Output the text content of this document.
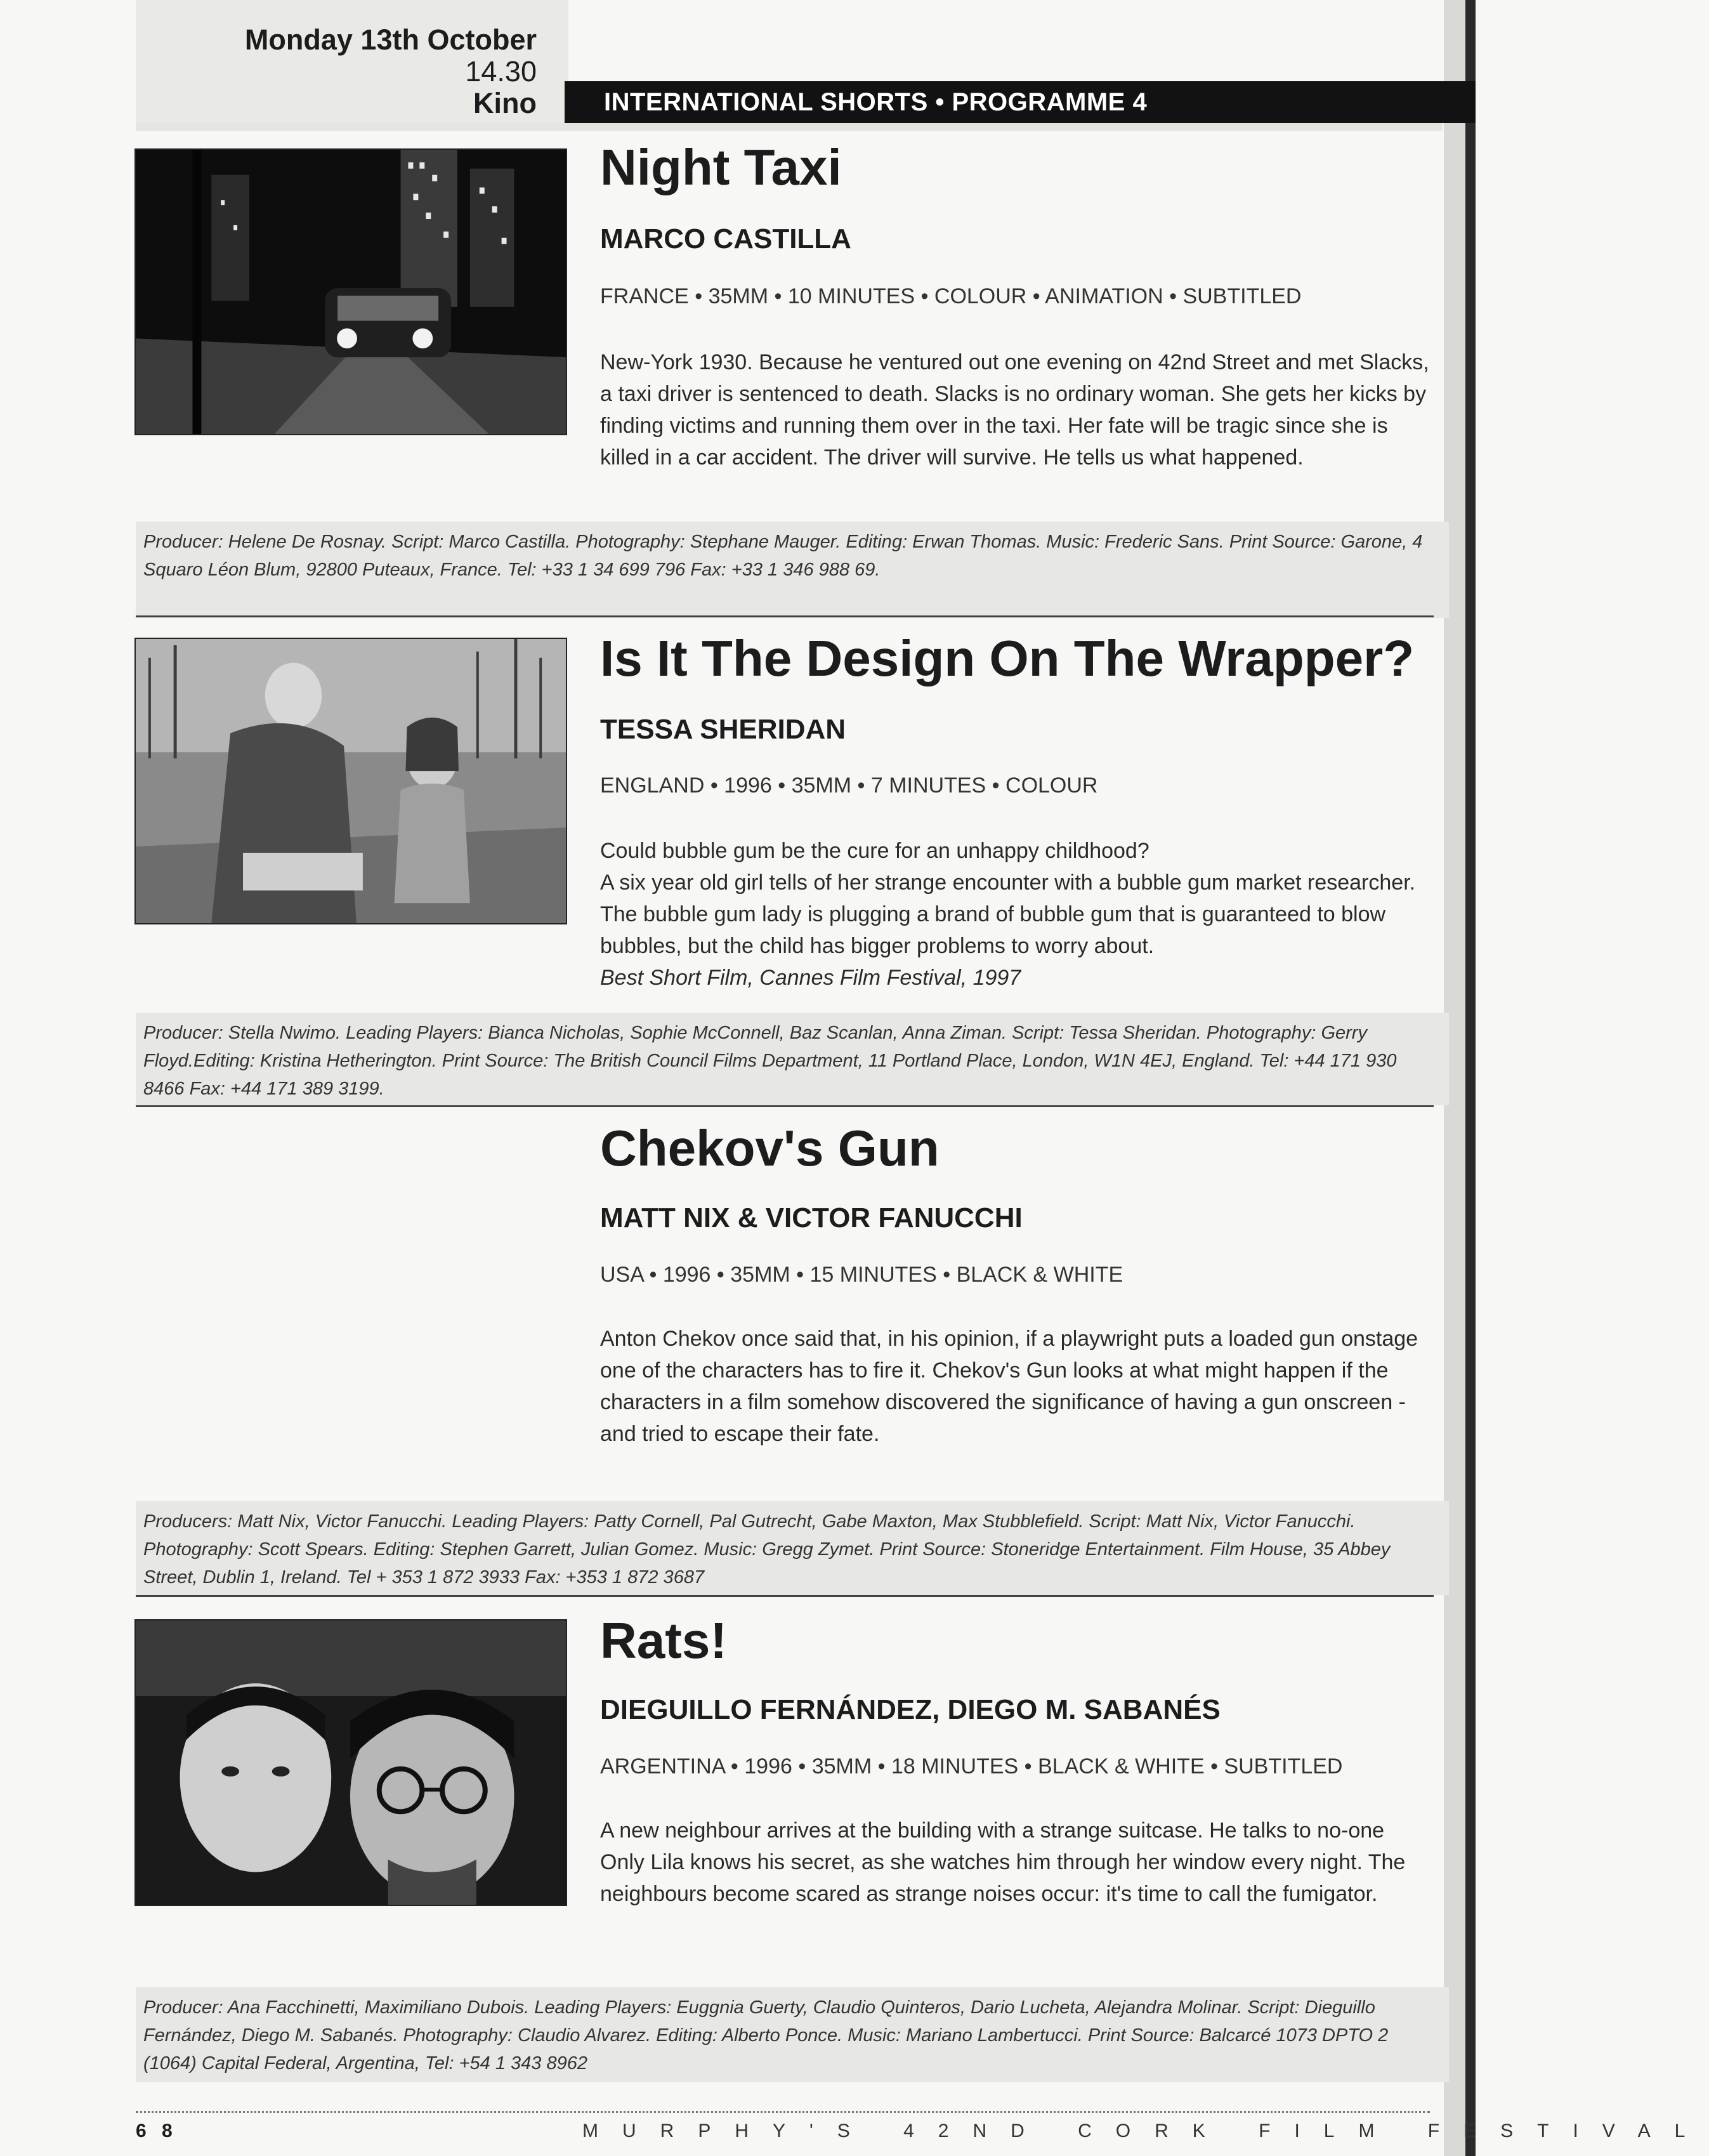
Monday 13th October
14.30
Kino	INTERNATIONAL SHORTS • PROGRAMME 4
Night Taxi
MARCO CASTILLA
FRANCE • 35MM • 10 MINUTES • COLOUR • ANIMATION • SUBTITLED

New-York 1930. Because he ventured out one evening on 42nd Street and met Slacks,

a taxi driver is sentenced to death. Slacks is no ordinary woman. She gets her kicks by

finding victims and running them over in the taxi. Her fate will be tragic since she is

killed in a car accident. The driver will survive. He tells us what happened.

Producer: Helene De Rosnay. Script: Marco Castilla. Photography: Stephane Mauger. Editing: Erwan Thomas. Music: Frederic Sans. Print Source: Garone, 4

Squaro Léon Blum, 92800 Puteaux, France. Tel: +33 1 34 699 796 Fax: +33 1 346 988 69.

Is It The Design On The Wrapper?
TESSA SHERIDAN
ENGLAND • 1996 • 35MM • 7 MINUTES • COLOUR

Could bubble gum be the cure for an unhappy childhood?

A six year old girl tells of her strange encounter with a bubble gum market researcher.

The bubble gum lady is plugging a brand of bubble gum that is guaranteed to blow

bubbles, but the child has bigger problems to worry about.

Best Short Film, Cannes Film Festival, 1997

Producer: Stella Nwimo. Leading Players: Bianca Nicholas, Sophie McConnell, Baz Scanlan, Anna Ziman. Script: Tessa Sheridan. Photography: Gerry

Floyd.Editing: Kristina Hetherington. Print Source: The British Council Films Department, 11 Portland Place, London, W1N 4EJ, England. Tel: +44 171 930

8466 Fax: +44 171 389 3199.

Chekov's Gun
MATT NIX & VICTOR FANUCCHI
USA • 1996 • 35MM • 15 MINUTES • BLACK & WHITE

Anton Chekov once said that, in his opinion, if a playwright puts a loaded gun onstage

one of the characters has to fire it. Chekov's Gun looks at what might happen if the

characters in a film somehow discovered the significance of having a gun onscreen -

and tried to escape their fate.

Producers: Matt Nix, Victor Fanucchi. Leading Players: Patty Cornell, Pal Gutrecht, Gabe Maxton, Max Stubblefield. Script: Matt Nix, Victor Fanucchi.

Photography: Scott Spears. Editing: Stephen Garrett, Julian Gomez. Music: Gregg Zymet. Print Source: Stoneridge Entertainment. Film House, 35 Abbey

Street, Dublin 1, Ireland. Tel + 353 1 872 3933 Fax: +353 1 872 3687

Rats!
DIEGUILLO FERNÁNDEZ, DIEGO M. SABANÉS
ARGENTINA • 1996 • 35MM • 18 MINUTES • BLACK & WHITE • SUBTITLED

A new neighbour arrives at the building with a strange suitcase. He talks to no-one

Only Lila knows his secret, as she watches him through her window every night. The

neighbours become scared as strange noises occur: it's time to call the fumigator.

Producer: Ana Facchinetti, Maximiliano Dubois. Leading Players: Euggnia Guerty, Claudio Quinteros, Dario Lucheta, Alejandra Molinar. Script: Dieguillo

Fernández, Diego M. Sabanés. Photography: Claudio Alvarez. Editing: Alberto Ponce. Music: Mariano Lambertucci. Print Source: Balcarcé 1073 DPTO 2

(1064) Capital Federal, Argentina, Tel: +54 1 343 8962

6 8	MURPHY'S 42ND CORK FILM FESTIVAL
